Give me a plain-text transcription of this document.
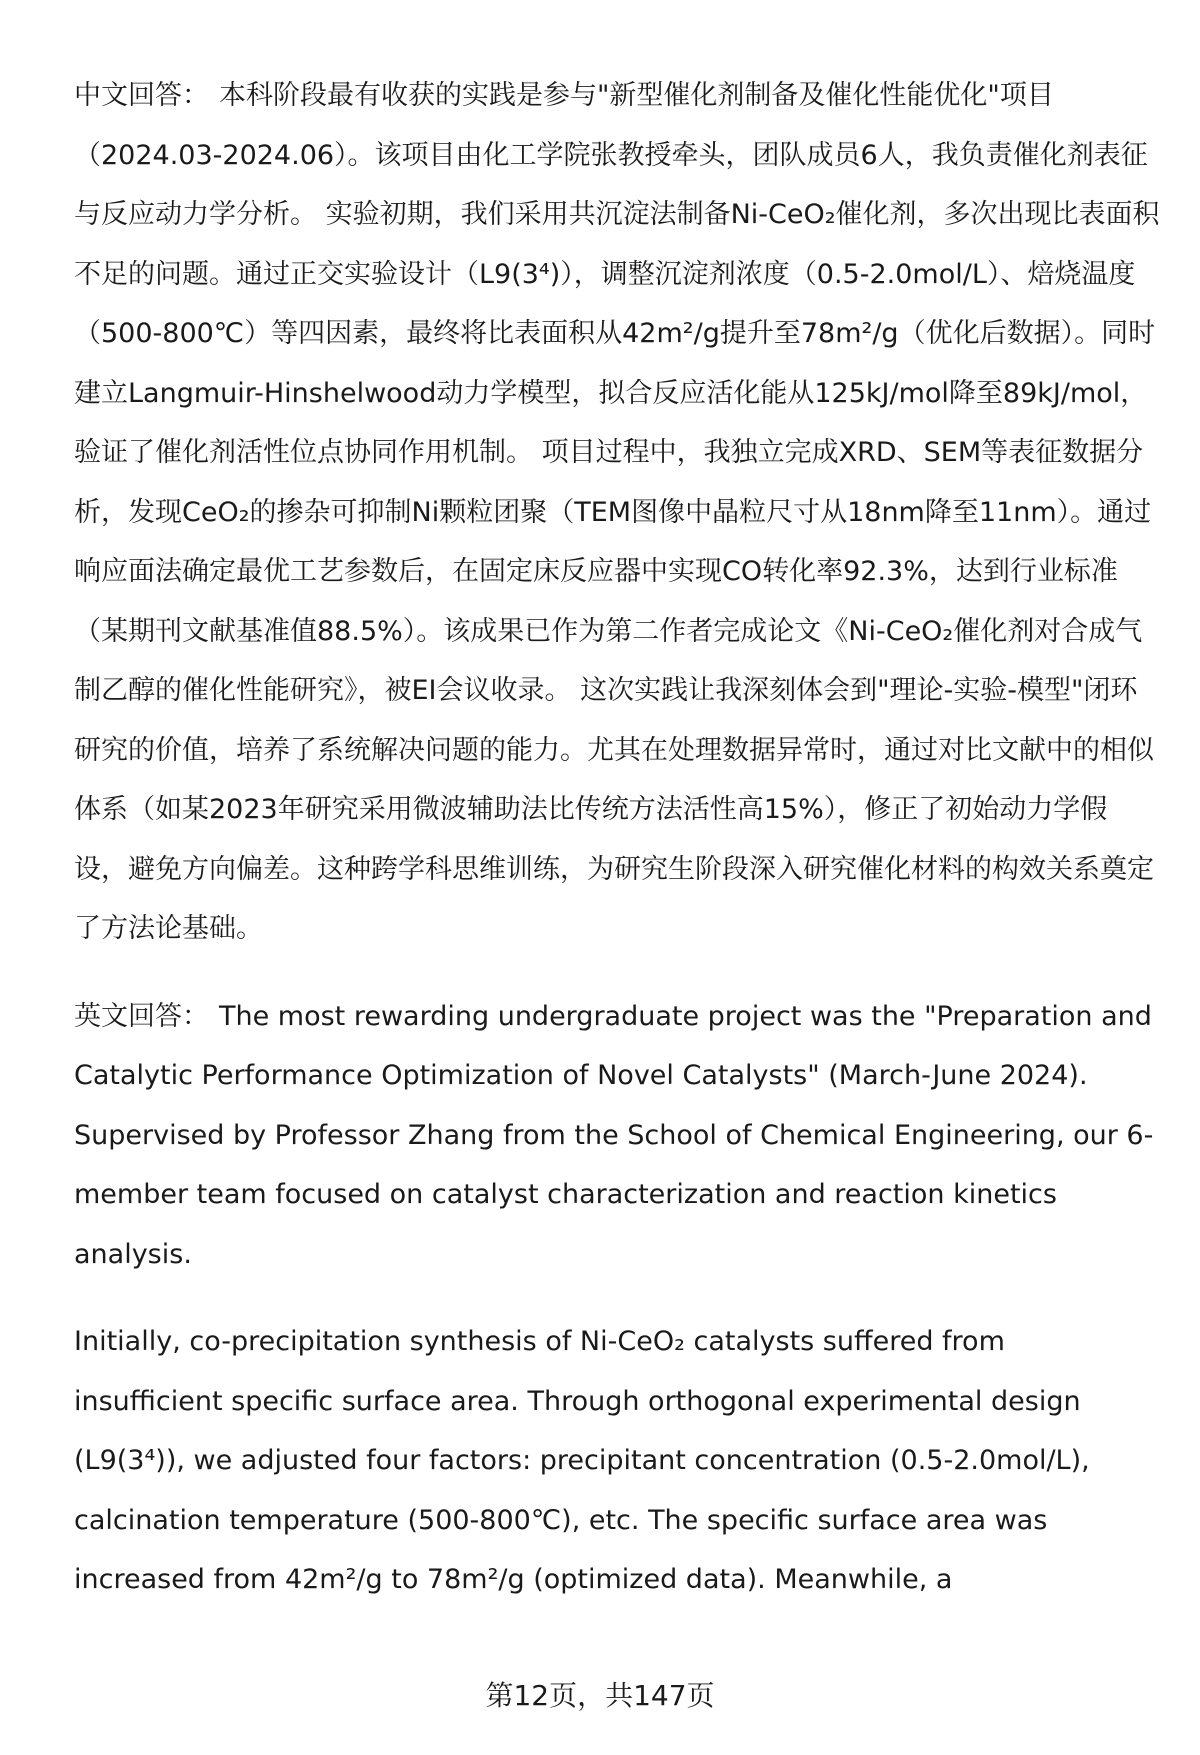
中文回答： 本科阶段最有收获的实践是参与"新型催化剂制备及催化性能优化"项目（2024.03-2024.06）。该项目由化工学院张教授牵头，团队成员6人，我负责催化剂表征与反应动力学分析。 实验初期，我们采用共沉淀法制备Ni-CeO₂催化剂，多次出现比表面积不足的问题。通过正交实验设计（L9(3⁴)），调整沉淀剂浓度（0.5-2.0mol/L）、焙烧温度（500-800℃）等四因素，最终将比表面积从42m²/g提升至78m²/g（优化后数据）。同时建立Langmuir-Hinshelwood动力学模型，拟合反应活化能从125kJ/mol降至89kJ/mol，验证了催化剂活性位点协同作用机制。 项目过程中，我独立完成XRD、SEM等表征数据分析，发现CeO₂的掺杂可抑制Ni颗粒团聚（TEM图像中晶粒尺寸从18nm降至11nm）。通过响应面法确定最优工艺参数后，在固定床反应器中实现CO转化率92.3%，达到行业标准（某期刊文献基准值88.5%）。该成果已作为第二作者完成论文《Ni-CeO₂催化剂对合成气制乙醇的催化性能研究》，被EI会议收录。 这次实践让我深刻体会到"理论-实验-模型"闭环研究的价值，培养了系统解决问题的能力。尤其在处理数据异常时，通过对比文献中的相似体系（如某2023年研究采用微波辅助法比传统方法活性高15%），修正了初始动力学假设，避免方向偏差。这种跨学科思维训练，为研究生阶段深入研究催化材料的构效关系奠定了方法论基础。

英文回答： The most rewarding undergraduate project was the "Preparation and Catalytic Performance Optimization of Novel Catalysts" (March-June 2024). Supervised by Professor Zhang from the School of Chemical Engineering, our 6-member team focused on catalyst characterization and reaction kinetics analysis.

Initially, co-precipitation synthesis of Ni-CeO₂ catalysts suffered from insufficient specific surface area. Through orthogonal experimental design (L9(3⁴)), we adjusted four factors: precipitant concentration (0.5-2.0mol/L), calcination temperature (500-800℃), etc. The specific surface area was increased from 42m²/g to 78m²/g (optimized data). Meanwhile, a

第12页，共147页
